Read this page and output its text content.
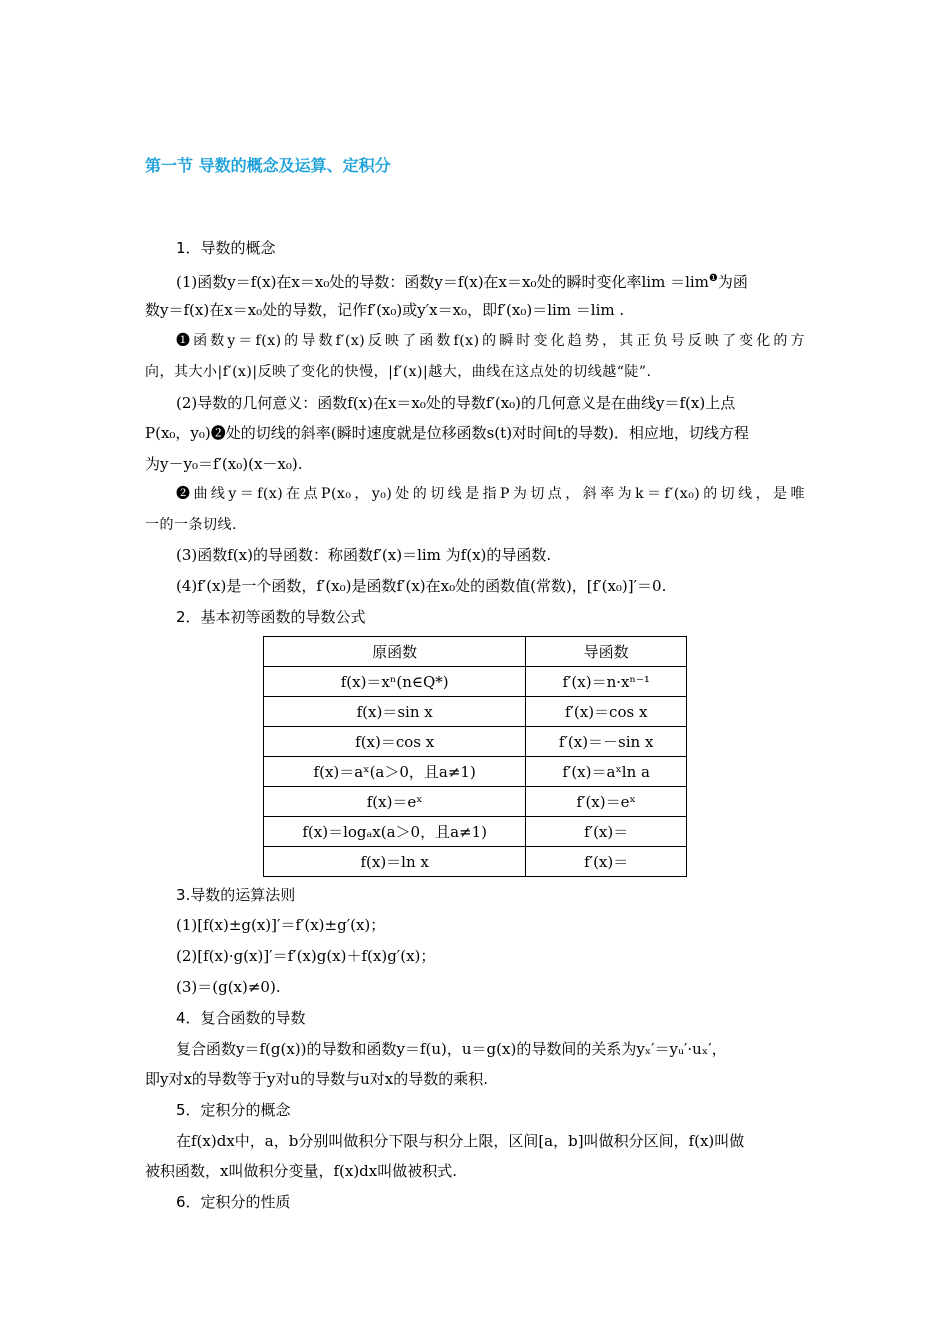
第一节 导数的概念及运算、定积分
1．导数的概念
(1)函数y＝f(x)在x＝x₀处的导数：函数y＝f(x)在x＝x₀处的瞬时变化率$\lim =\lim^❶$为函
数y＝f(x)在x＝x₀处的导数，记作f′(x₀)或y′x＝x₀，即f′(x₀)＝lim ＝lim .
❶函数y＝f(x)的导数f′(x)反映了函数f(x)的瞬时变化趋势，其正负号反映了变化的方
向，其大小|f′(x)|反映了变化的快慢，|f′(x)|越大，曲线在这点处的切线越“陡”.
(2)导数的几何意义：函数f(x)在x＝x₀处的导数f′(x₀)的几何意义是在曲线y＝f(x)上点
P(x₀，y₀)❷处的切线的斜率(瞬时速度就是位移函数s(t)对时间t的导数)．相应地，切线方程
为y－y₀＝f′(x₀)(x－x₀).
❷曲线y＝f(x)在点P(x₀，y₀)处的切线是指P为切点，斜率为k＝f′(x₀)的切线，是唯
一的一条切线.
(3)函数f(x)的导函数：称函数f′(x)＝lim 为f(x)的导函数.
(4)f′(x)是一个函数，f′(x₀)是函数f′(x)在x₀处的函数值(常数)，[f′(x₀)]′＝0.
2．基本初等函数的导数公式
原函数	导函数
f(x)＝xⁿ(n∈Q*)	f′(x)＝n·xⁿ⁻¹
f(x)＝sin x	f′(x)＝cos x
f(x)＝cos x	f′(x)＝－sin x
f(x)＝aˣ(a＞0，且a≠1)	f′(x)＝aˣln a
f(x)＝eˣ	f′(x)＝eˣ
f(x)＝logₐx(a＞0，且a≠1)	f′(x)＝
f(x)＝ln x	f′(x)＝
3.导数的运算法则
(1)[f(x)±g(x)]′＝f′(x)±g′(x)；
(2)[f(x)·g(x)]′＝f′(x)g(x)＋f(x)g′(x)；
(3)＝(g(x)≠0).
4．复合函数的导数
复合函数y＝f(g(x))的导数和函数y＝f(u)，u＝g(x)的导数间的关系为yₓ′＝yᵤ′·uₓ′，
即y对x的导数等于y对u的导数与u对x的导数的乘积.
5．定积分的概念
在f(x)dx中，a，b分别叫做积分下限与积分上限，区间[a，b]叫做积分区间，f(x)叫做
被积函数，x叫做积分变量，f(x)dx叫做被积式.
6．定积分的性质
